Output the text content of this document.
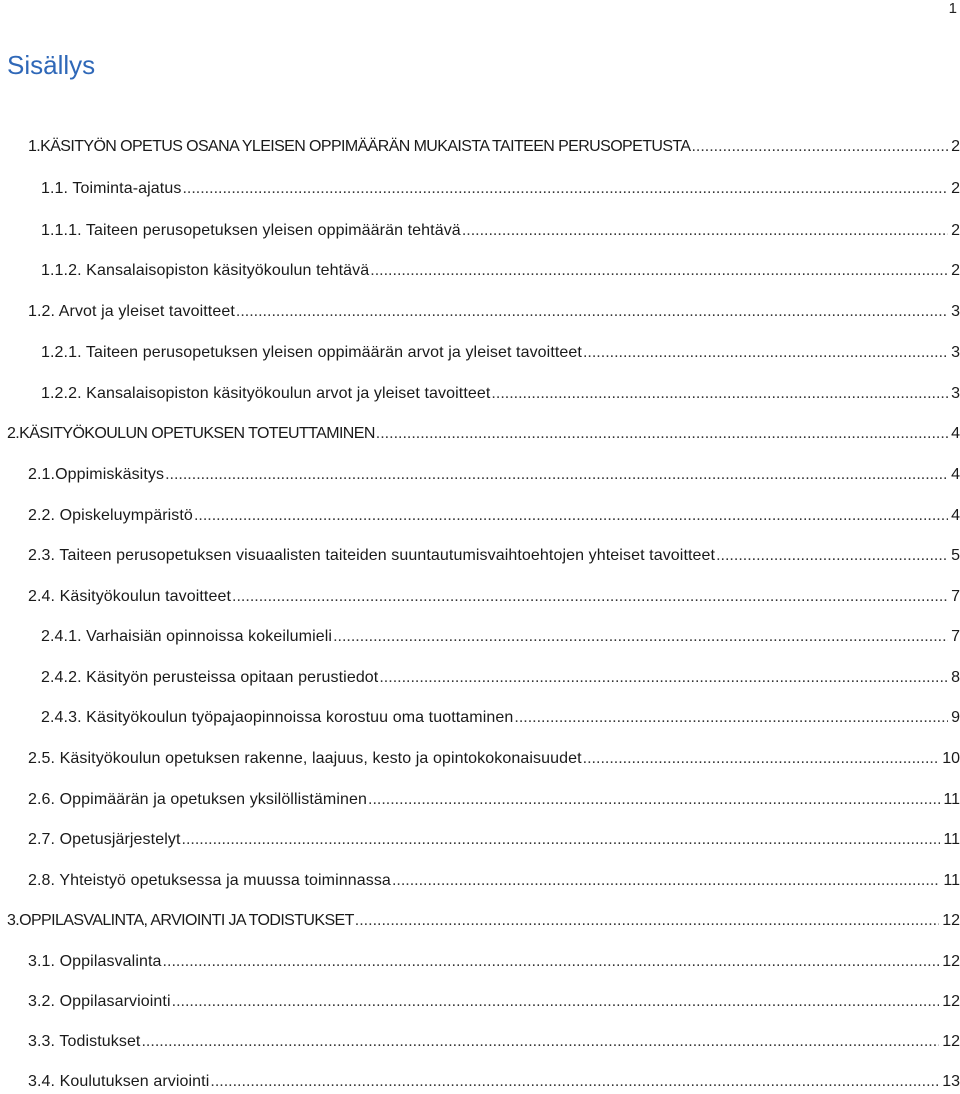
1
Sisällys
1.KÄSITYÖN OPETUS OSANA YLEISEN OPPIMÄÄRÄN MUKAISTA TAITEEN PERUSOPETUSTA .....	2
1.1. Toiminta-ajatus .....	2
1.1.1. Taiteen perusopetuksen yleisen oppimäärän tehtävä .....	2
1.1.2. Kansalaisopiston käsityökoulun tehtävä .....	2
1.2. Arvot ja yleiset tavoitteet .....	3
1.2.1. Taiteen perusopetuksen yleisen oppimäärän arvot ja yleiset tavoitteet .....	3
1.2.2. Kansalaisopiston käsityökoulun arvot ja yleiset tavoitteet .....	3
2.KÄSITYÖKOULUN OPETUKSEN TOTEUTTAMINEN .....	4
2.1.Oppimiskäsitys .....	4
2.2. Opiskeluympäristö .....	4
2.3. Taiteen perusopetuksen visuaalisten taiteiden suuntautumisvaihtoehtojen yhteiset tavoitteet .....	5
2.4. Käsityökoulun tavoitteet .....	7
2.4.1. Varhaisiän opinnoissa kokeilumieli .....	7
2.4.2. Käsityön perusteissa opitaan perustiedot .....	8
2.4.3. Käsityökoulun työpajaopinnoissa korostuu oma tuottaminen .....	9
2.5. Käsityökoulun opetuksen rakenne, laajuus, kesto ja opintokokonaisuudet .....	10
2.6. Oppimäärän ja opetuksen yksilöllistäminen .....	11
2.7. Opetusjärjestelyt .....	11
2.8. Yhteistyö opetuksessa ja muussa toiminnassa .....	11
3.OPPILASVALINTA, ARVIOINTI JA TODISTUKSET .....	12
3.1. Oppilasvalinta .....	12
3.2. Oppilasarviointi .....	12
3.3. Todistukset .....	12
3.4. Koulutuksen arviointi .....	13
